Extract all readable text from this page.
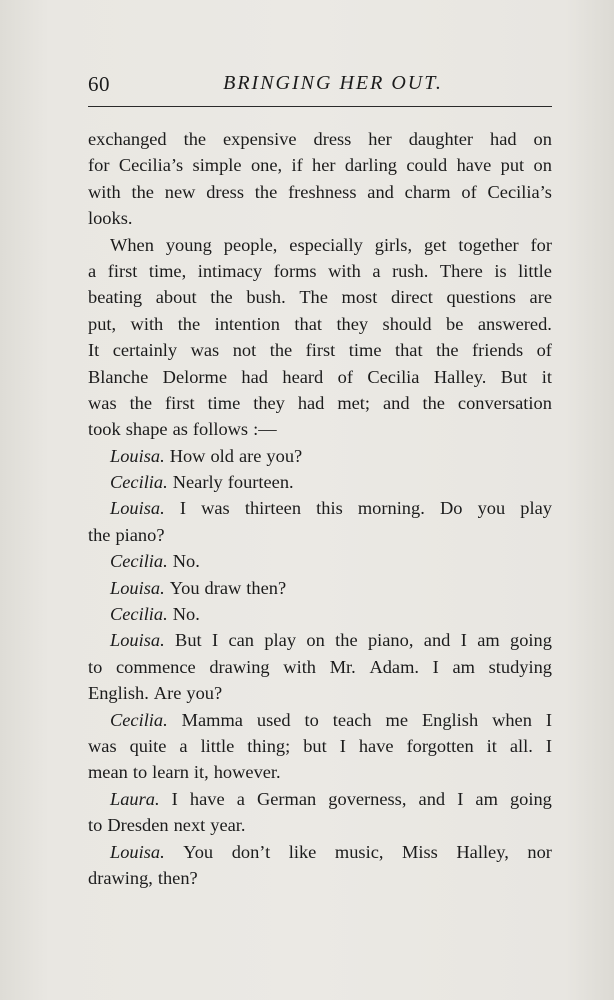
60	BRINGING HER OUT.
exchanged the expensive dress her daughter had on
for Cecilia’s simple one, if her darling could have put on
with the new dress the freshness and charm of Cecilia’s
looks.
When young people, especially girls, get together for
a first time, intimacy forms with a rush. There is little
beating about the bush. The most direct questions are
put, with the intention that they should be answered.
It certainly was not the first time that the friends of
Blanche Delorme had heard of Cecilia Halley. But it
was the first time they had met; and the conversation
took shape as follows :—
Louisa. How old are you?
Cecilia. Nearly fourteen.
Louisa. I was thirteen this morning. Do you play
the piano?
Cecilia. No.
Louisa. You draw then?
Cecilia. No.
Louisa. But I can play on the piano, and I am going
to commence drawing with Mr. Adam. I am studying
English. Are you?
Cecilia. Mamma used to teach me English when I
was quite a little thing; but I have forgotten it all. I
mean to learn it, however.
Laura. I have a German governess, and I am going
to Dresden next year.
Louisa. You don’t like music, Miss Halley, nor
drawing, then?
